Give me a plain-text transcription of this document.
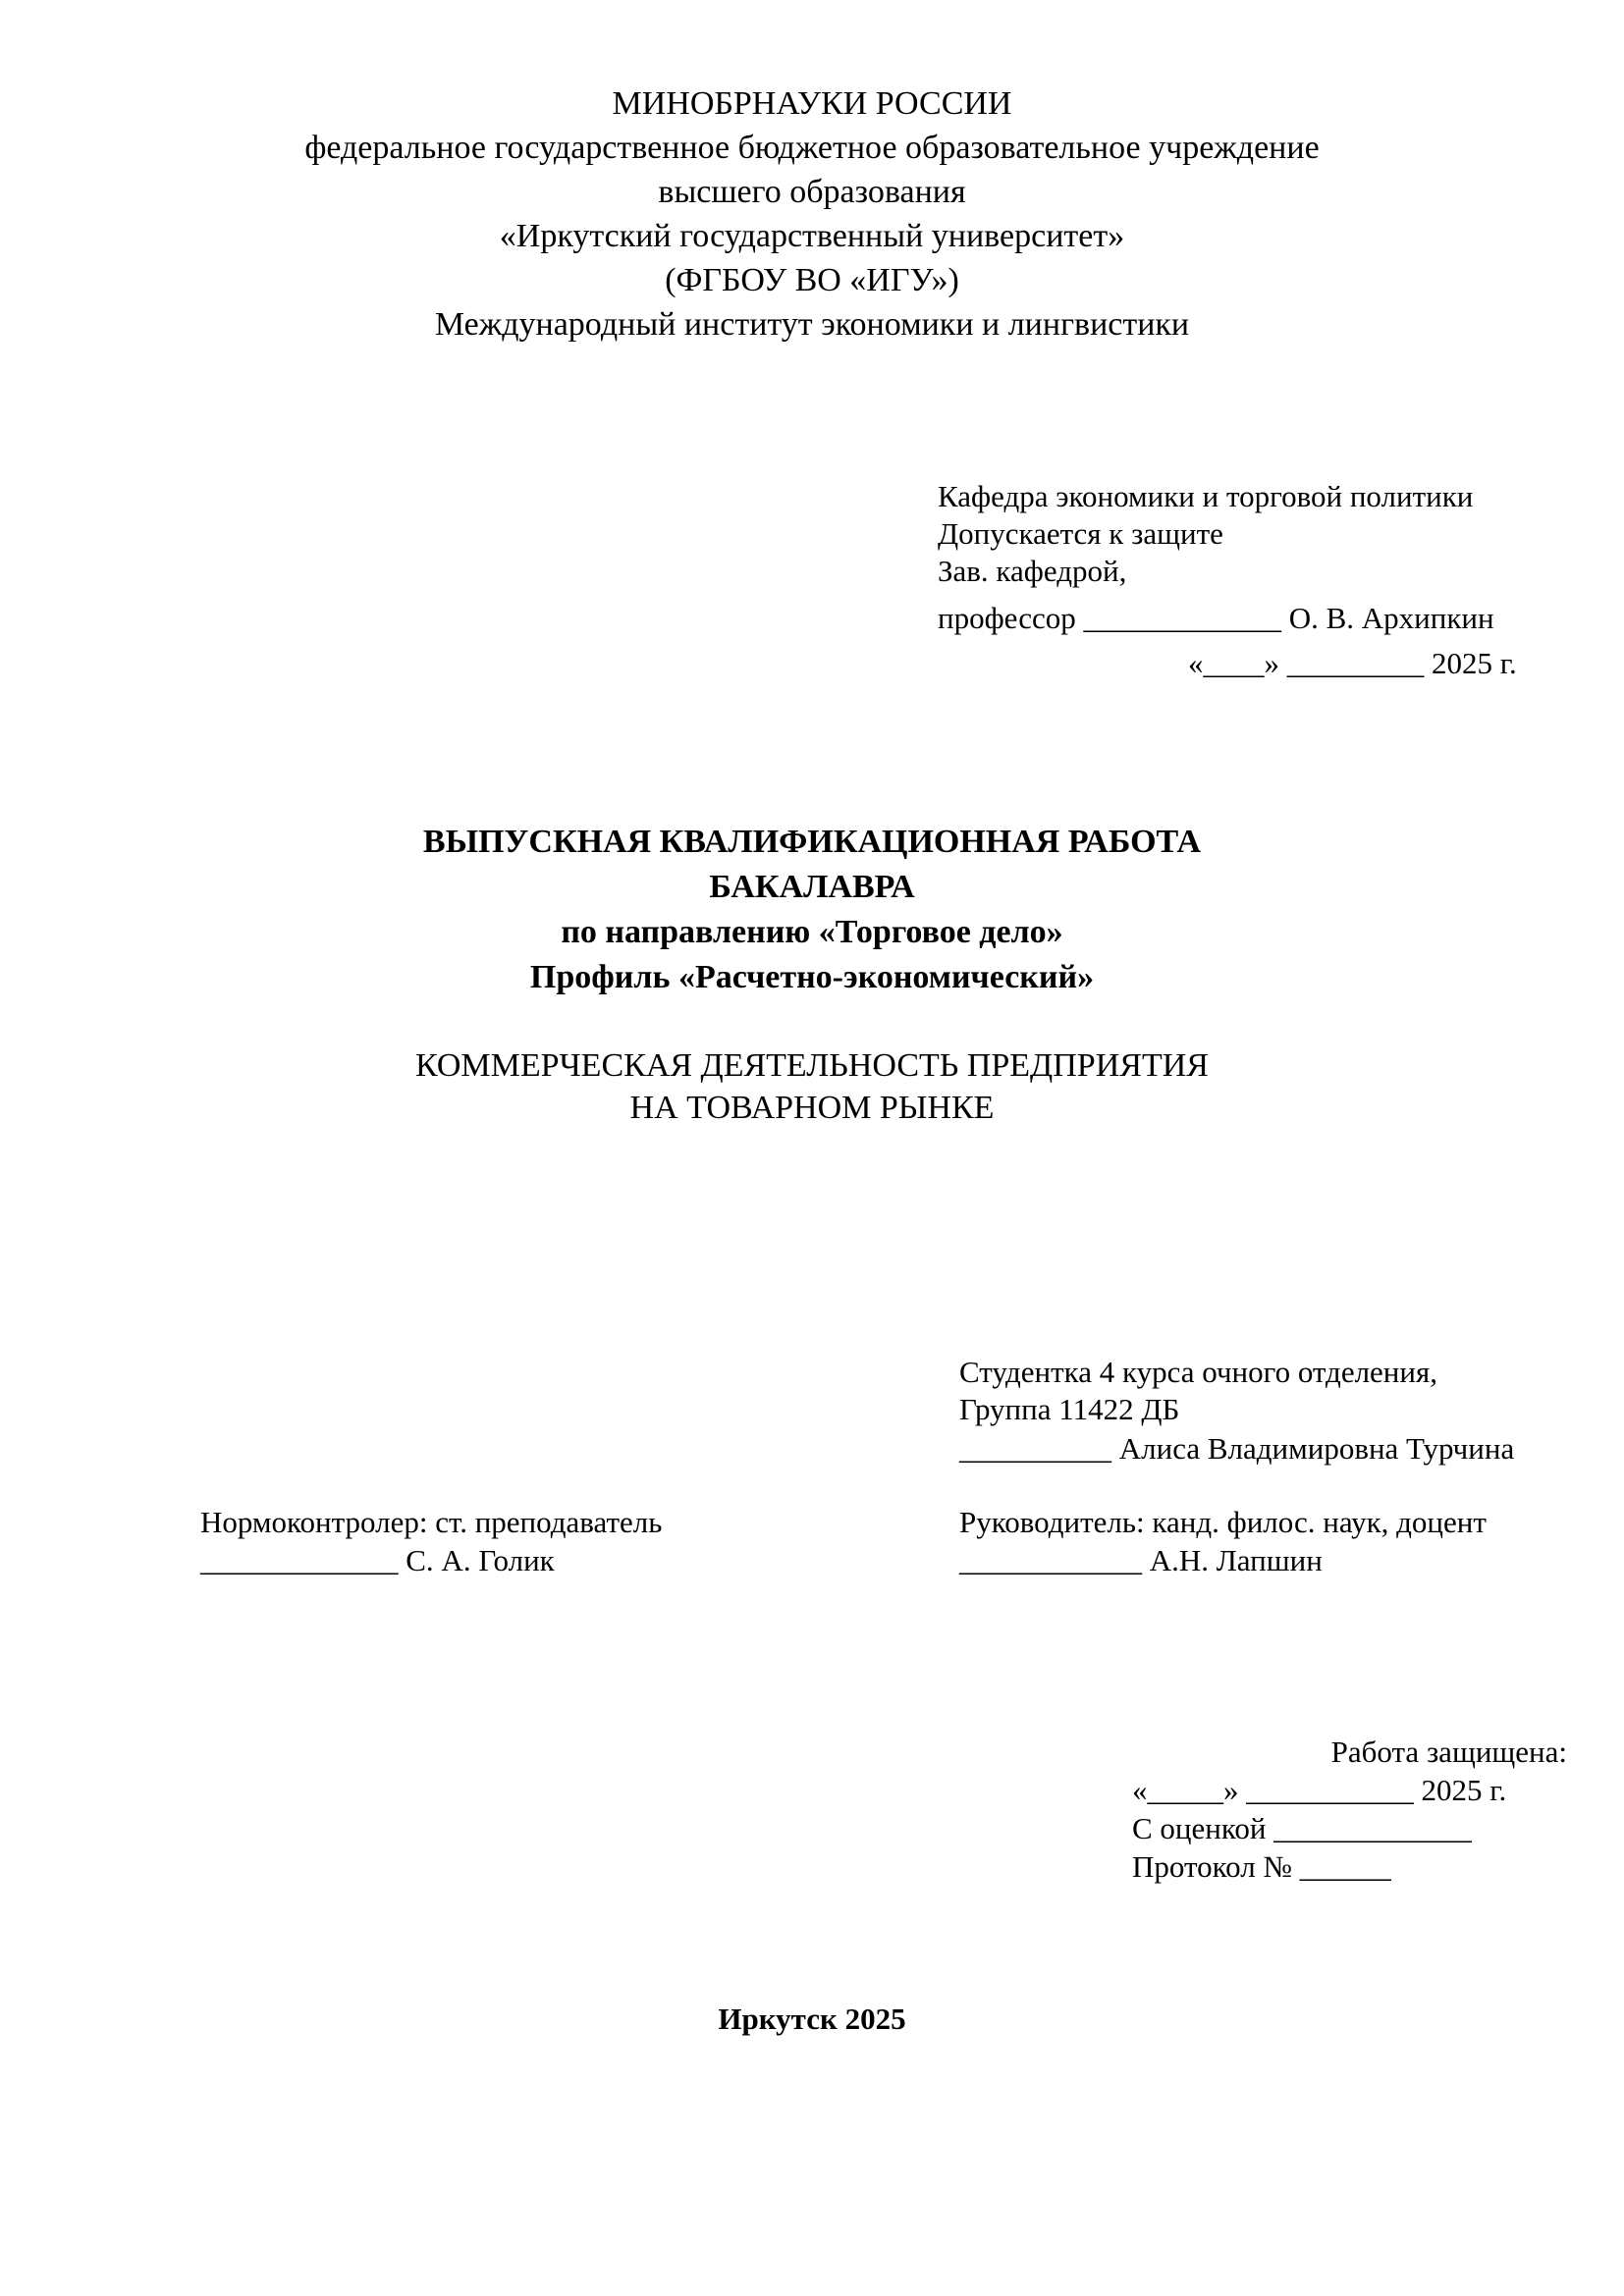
МИНОБРНАУКИ РОССИИ
федеральное государственное бюджетное образовательное учреждение
высшего образования
«Иркутский государственный университет»
(ФГБОУ ВО «ИГУ»)
Международный институт экономики и лингвистики
Кафедра экономики и торговой политики
Допускается к защите
Зав. кафедрой,
профессор _____________ О. В. Архипкин
«____» _________ 2025 г.
ВЫПУСКНАЯ КВАЛИФИКАЦИОННАЯ РАБОТА
БАКАЛАВРА
по направлению «Торговое дело»
Профиль «Расчетно-экономический»
КОММЕРЧЕСКАЯ ДЕЯТЕЛЬНОСТЬ ПРЕДПРИЯТИЯ
НА ТОВАРНОМ РЫНКЕ
Студентка 4 курса очного отделения,
Группа 11422 ДБ
__________ Алиса Владимировна Турчина
Нормоконтролер: ст. преподаватель
_____________ С. А. Голик
Руководитель: канд. филос. наук, доцент
____________ А.Н. Лапшин
Работа защищена:
«_____» ___________ 2025 г.
С оценкой _____________
Протокол № ______
Иркутск 2025
